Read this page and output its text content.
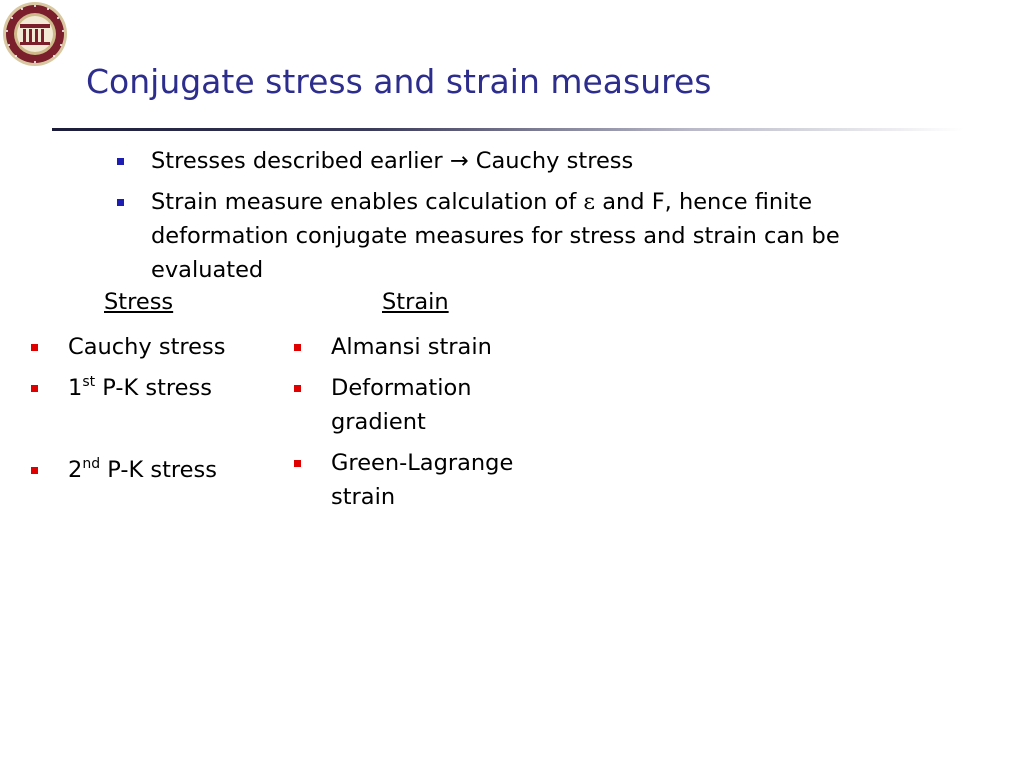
Conjugate stress and strain measures
Stresses described earlier → Cauchy stress
Strain measure enables calculation of ε and F, hence finite deformation conjugate measures for stress and strain can be evaluated
Stress	Strain
Cauchy stress
1st P-K stress
2nd P-K stress
Almansi strain
Deformation
gradient
Green-Lagrange
strain
